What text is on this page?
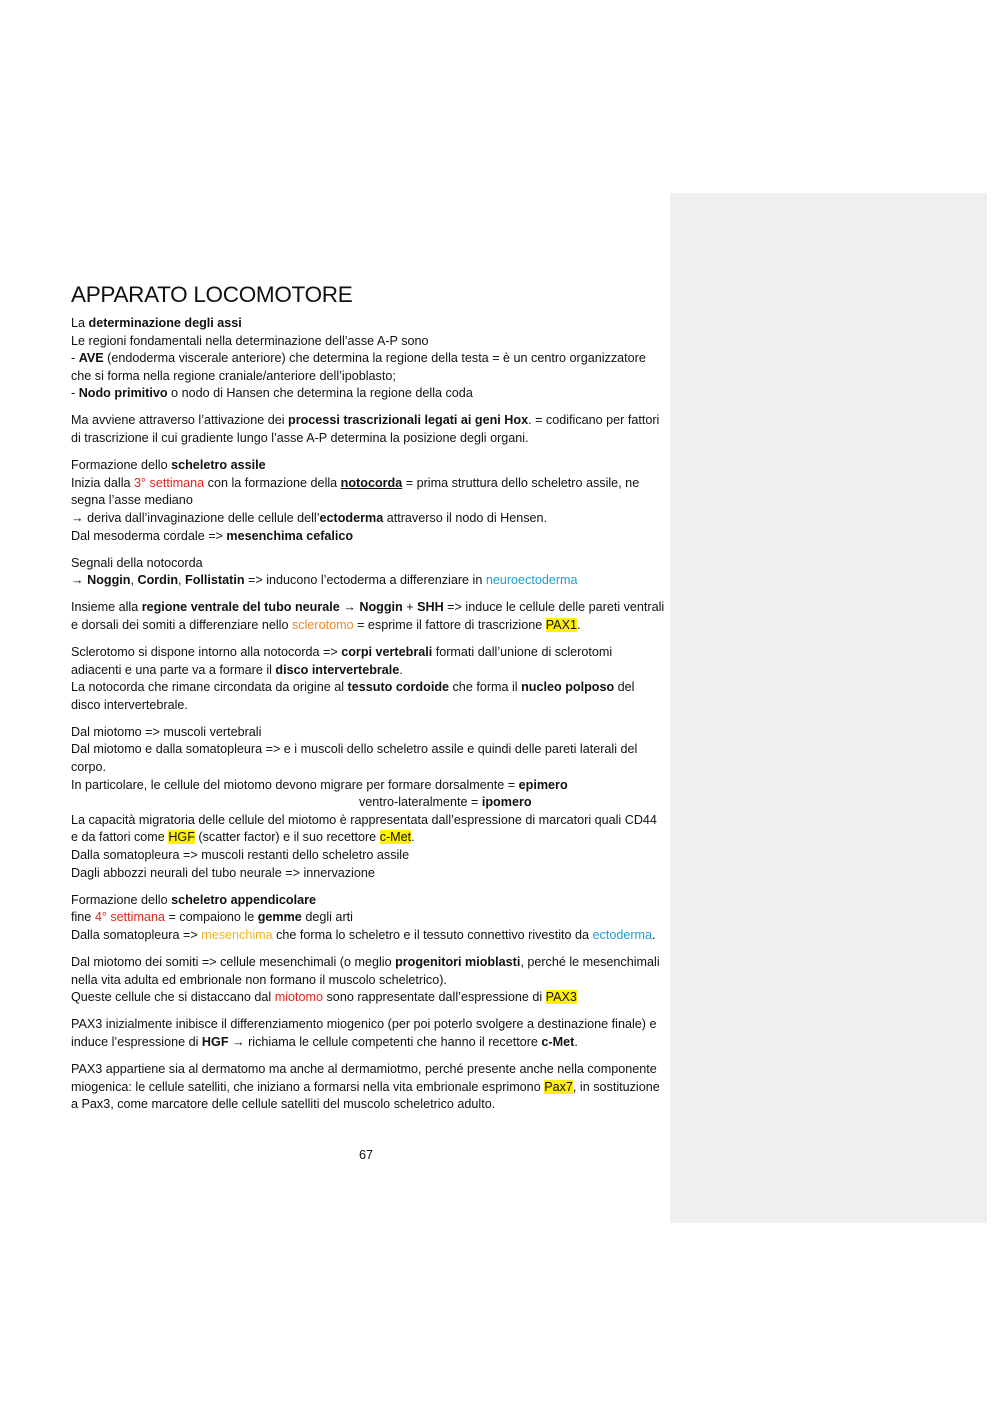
APPARATO LOCOMOTORE
La determinazione degli assi
Le regioni fondamentali nella determinazione dell’asse A-P sono
- AVE (endoderma viscerale anteriore) che determina la regione della testa = è un centro organizzatore che si forma nella regione craniale/anteriore dell’ipoblasto;
- Nodo primitivo o nodo di Hansen che determina la regione della coda
Ma avviene attraverso l’attivazione dei processi trascrizionali legati ai geni Hox. = codificano per fattori di trascrizione il cui gradiente lungo l’asse A-P determina la posizione degli organi.
Formazione dello scheletro assile
Inizia dalla 3° settimana con la formazione della notocorda = prima struttura dello scheletro assile, ne segna l’asse mediano
→ deriva dall’invaginazione delle cellule dell’ectoderma attraverso il nodo di Hensen.
Dal mesoderma cordale => mesenchima cefalico
Segnali della notocorda
→ Noggin, Cordin, Follistatin => inducono l’ectoderma a differenziare in neuroectoderma
Insieme alla regione ventrale del tubo neurale → Noggin + SHH => induce le cellule delle pareti ventrali e dorsali dei somiti a differenziare nello sclerotomo = esprime il fattore di trascrizione PAX1.
Sclerotomo si dispone intorno alla notocorda => corpi vertebrali formati dall’unione di sclerotomi adiacenti e una parte va a formare il disco intervertebrale.
La notocorda che rimane circondata da origine al tessuto cordoide che forma il nucleo polposo del disco intervertebrale.
Dal miotomo => muscoli vertebrali
Dal miotomo e dalla somatopleura => e i muscoli dello scheletro assile e quindi delle pareti laterali del corpo.
In particolare, le cellule del miotomo devono migrare per formare dorsalmente = epimero
ventro-lateralmente = ipomero
La capacità migratoria delle cellule del miotomo è rappresentata dall’espressione di marcatori quali CD44 e da fattori come HGF (scatter factor) e il suo recettore c-Met.
Dalla somatopleura => muscoli restanti dello scheletro assile
Dagli abbozzi neurali del tubo neurale => innervazione
Formazione dello scheletro appendicolare
fine 4° settimana = compaiono le gemme degli arti
Dalla somatopleura => mesenchima che forma lo scheletro e il tessuto connettivo rivestito da ectoderma.
Dal miotomo dei somiti => cellule mesenchimali (o meglio progenitori mioblasti, perché le mesenchimali nella vita adulta ed embrionale non formano il muscolo scheletrico).
Queste cellule che si distaccano dal miotomo sono rappresentate dall’espressione di PAX3
PAX3 inizialmente inibisce il differenziamento miogenico (per poi poterlo svolgere a destinazione finale) e induce l’espressione di HGF → richiama le cellule competenti che hanno il recettore c-Met.
PAX3 appartiene sia al dermatomo ma anche al dermamiotmo, perché presente anche nella componente miogenica: le cellule satelliti, che iniziano a formarsi nella vita embrionale esprimono Pax7, in sostituzione a Pax3, come marcatore delle cellule satelliti del muscolo scheletrico adulto.
67
